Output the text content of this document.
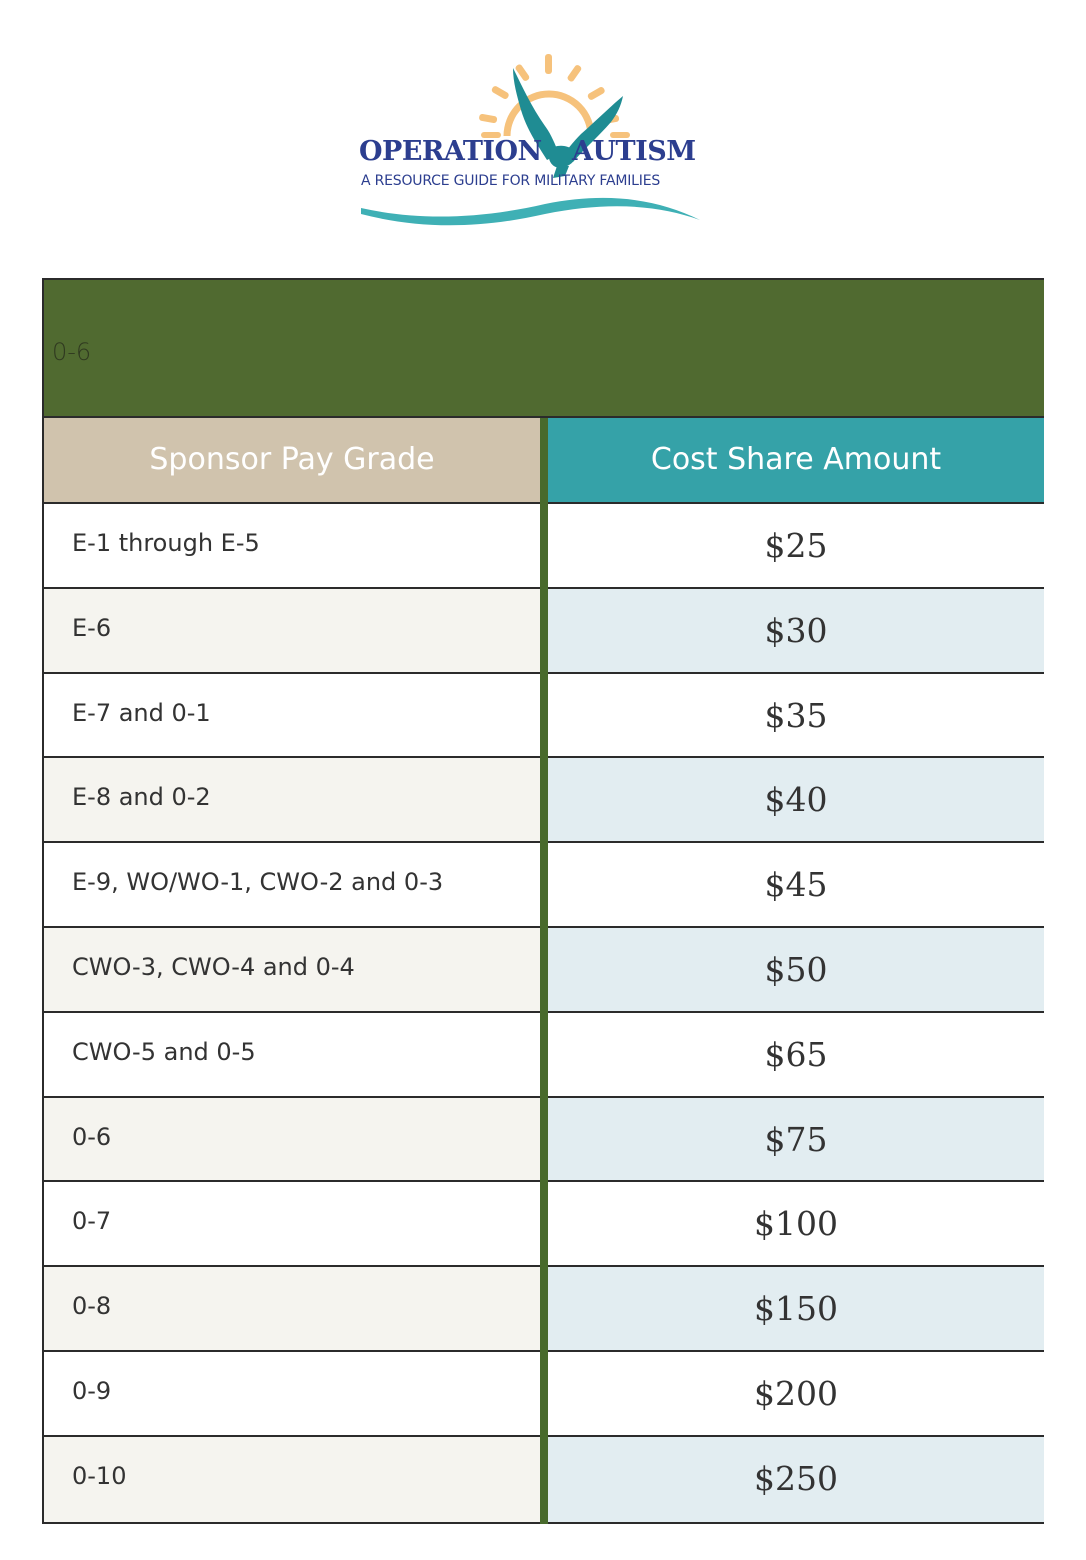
OPERATION AUTISM
A RESOURCE GUIDE FOR MILITARY FAMILIES
0-6
Sponsor Pay Grade	Cost Share Amount
E-1 through E-5	$25
E-6	$30
E-7 and 0-1	$35
E-8 and 0-2	$40
E-9, WO/WO-1, CWO-2 and 0-3	$45
CWO-3, CWO-4 and 0-4	$50
CWO-5 and 0-5	$65
0-6	$75
0-7	$100
0-8	$150
0-9	$200
0-10	$250
